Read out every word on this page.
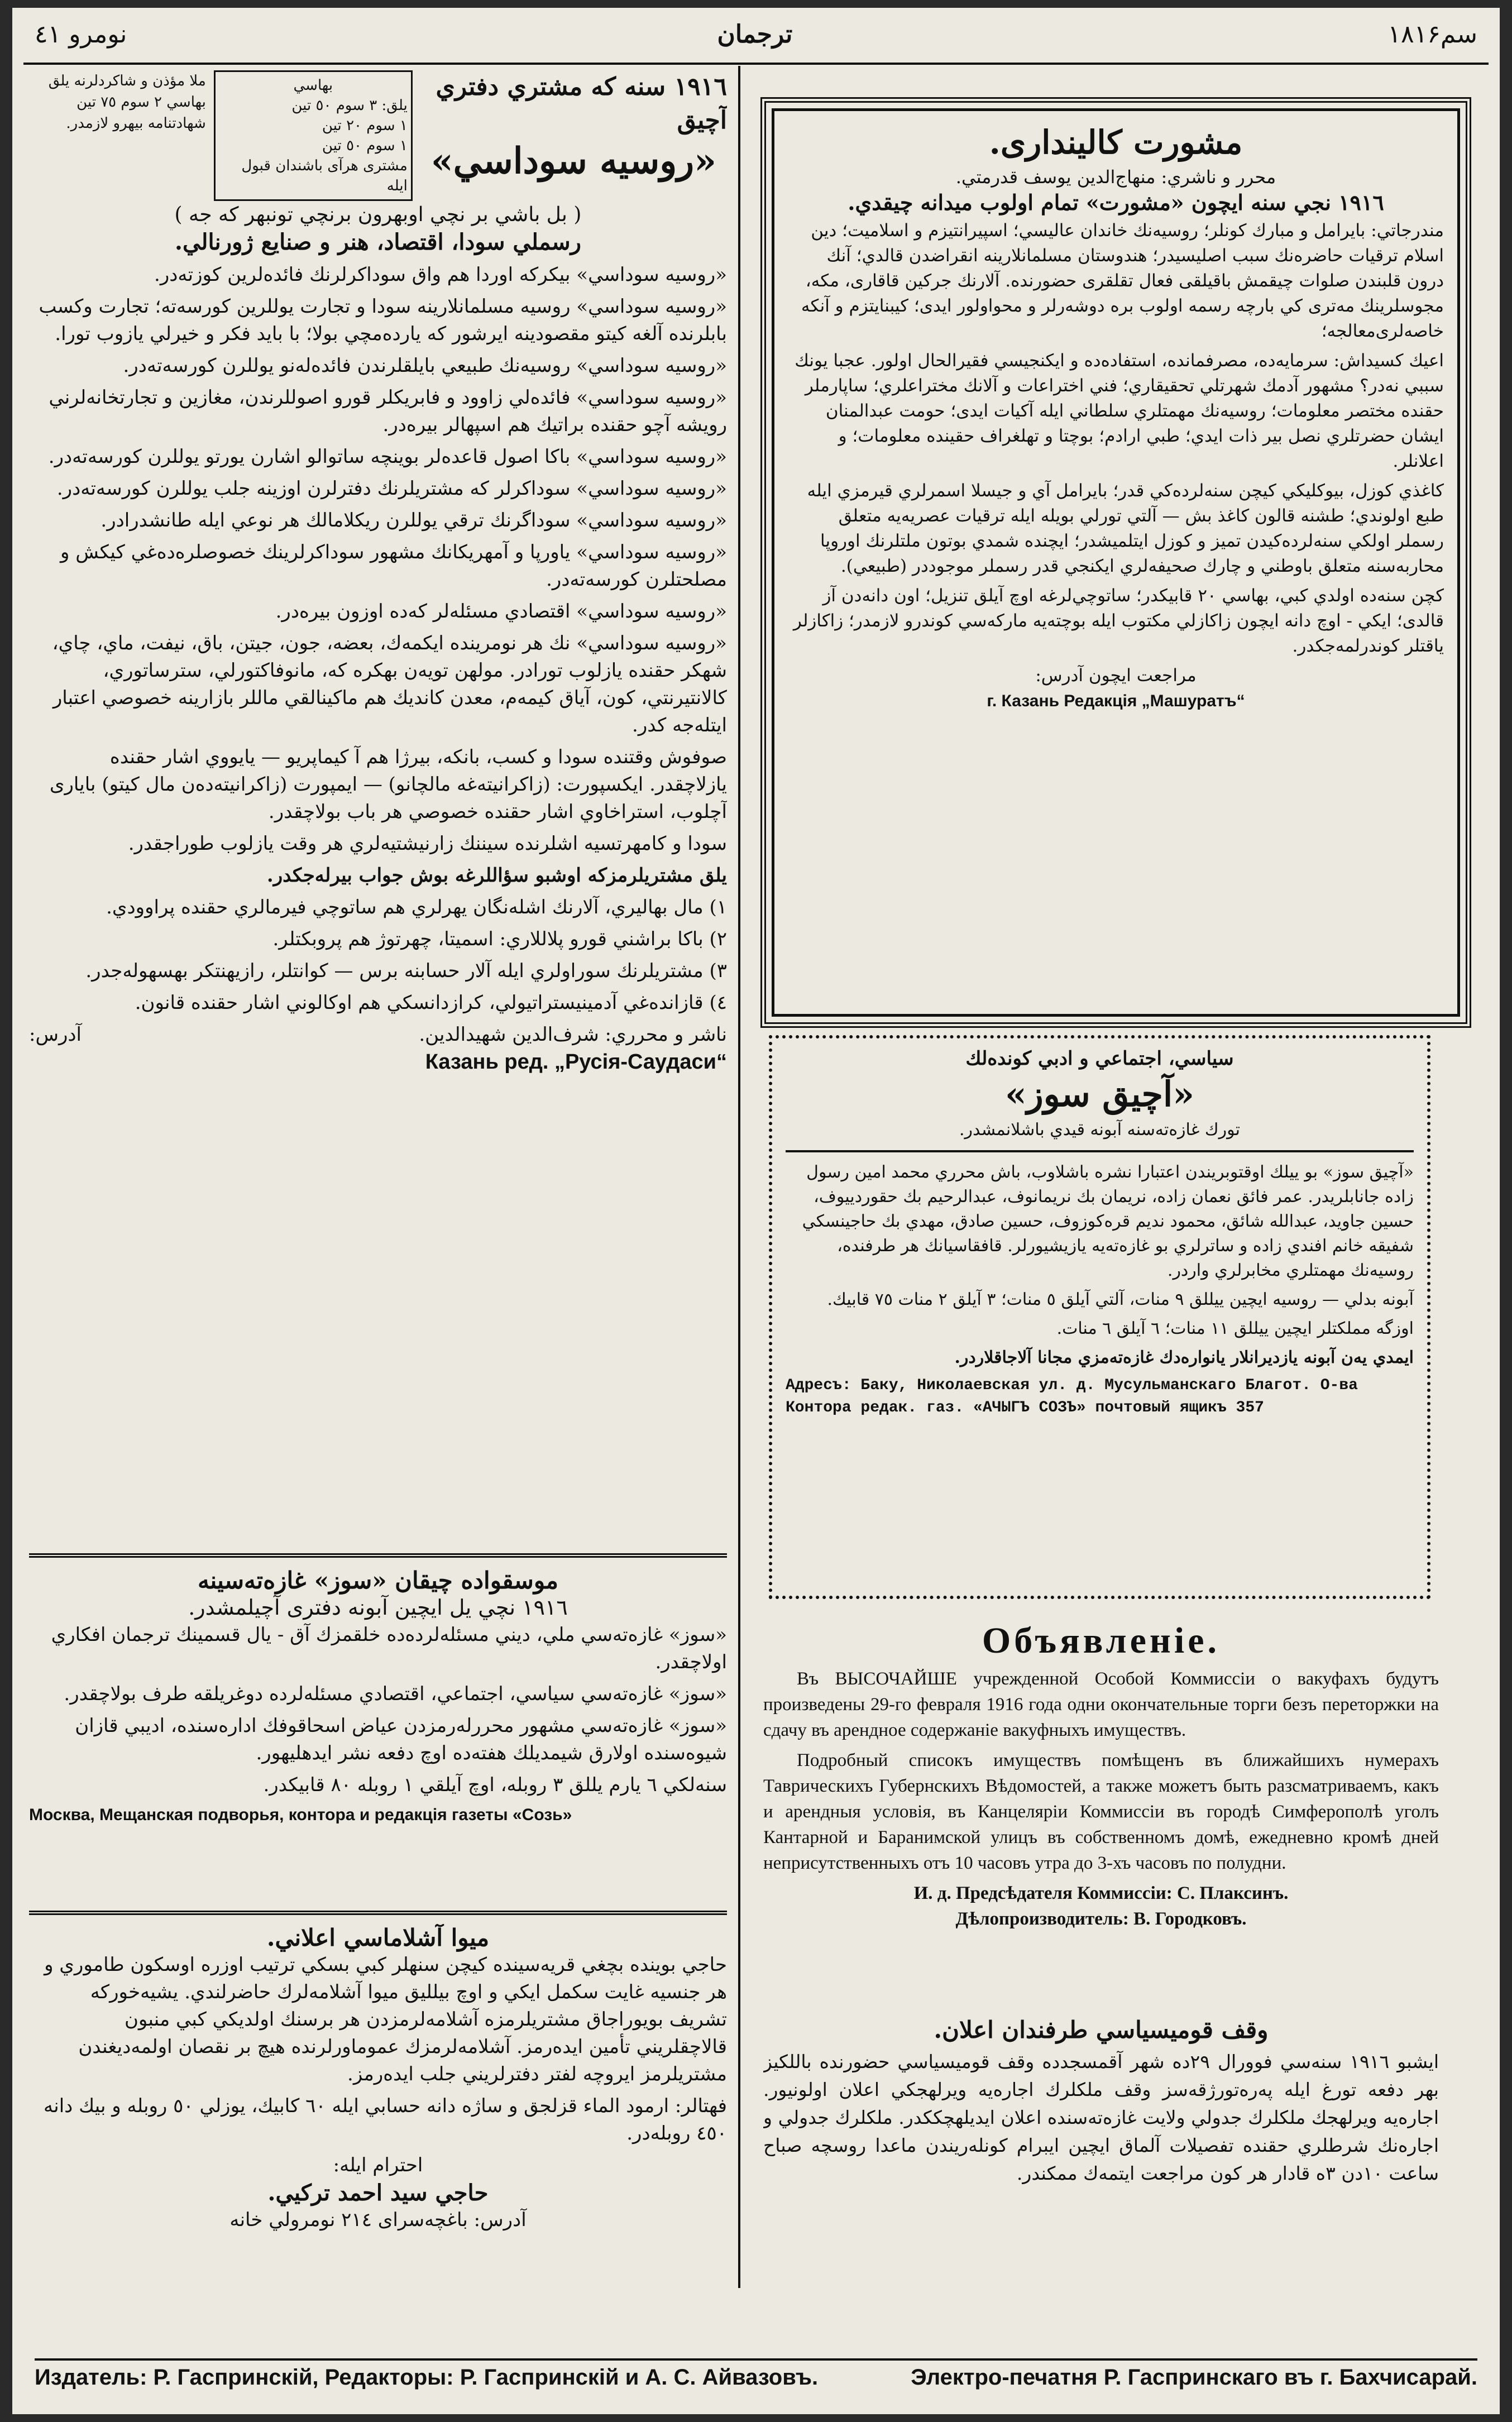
نومرو ٤١	ترجمان	سم۱۸۱۶
١٩١٦ سنه كه مشتري دفتري آچيق
«روسيه سوداسي»
بهاسي
يلق: ٣ سوم ٥٠ تين
١ سوم ٢٠ تين
١ سوم ٥٠ تين
مشتری هرآی باشندان قبول ايله
ملا مؤذن و شاکردلرنه يلق بهاسي ٢ سوم ٧٥ تين شهادتنامه بيهرو لازمدر.
( بل باشي بر نچي اوبهرون برنچي تونبهر كه جه )
رسملي سودا، اقتصاد، هنر و صنايع ژورنالي.

«روسيه سوداسي» بيكركه اوردا هم واق سوداكرلرنك فائدەلرين كوزتەدر.

«روسيه سوداسي» روسيه مسلمانلارينه سودا و تجارت يوللرين كورسەتە؛ تجارت وكسب بابلرنده آلغه كيتو مقصودينه ايرشور كه ياردەمچي بولا؛ با بايد فكر و خيرلي يازوب تورا.

«روسيه سوداسي» روسيه‌نك طبيعي بايلقلرندن فائدەلەنو يوللرن كورسەتەدر.

«روسيه سوداسي» فائدەلي زاوود و فابريكلر قورو اصوللرندن، مغازين و تجارتخانه‌لرني رويشه آچو حقنده براتيك هم اسپهالر بيرەدر.

«روسيه سوداسي» باكا اصول قاعدەلر بوينچه ساتوالو اشارن يورتو يوللرن كورسەتەدر.

«روسيه سوداسي» سوداكرلر كه مشتريلرنك دفترلرن اوزينه جلب يوللرن كورسەتەدر.

«روسيه سوداسي» سوداگرنك ترقي يوللرن ريكلامالك هر نوعي ايله طانشدرادر.

«روسيه سوداسي» ياورپا و آمهريكانك مشهور سوداكرلرينك خصوصلرەدەغي كيكش و مصلحتلرن كورسەتەدر.

«روسيه سوداسي» اقتصادي مسئلەلر كه‌ده اوزون بيرەدر.

«روسيه سوداسي» نك هر نومرينده ايكمەك، بعضه، جون، جيتن، باق، نيفت، ماي، چاي، شهكر حقنده يازلوب تورادر. مولهن تويەن بهكره كه، مانوفاكتورلي، سترساتوري، كالانتيرنتي، كون، آياق كيمەم، معدن كانديك هم ماكينالقي ماللر بازارينه خصوصي اعتبار ايتلەجه كدر.

صوفوش وقتنده سودا و كسب، بانكه، بيرژا هم آ كيماپريو — يايووي اشار حقنده يازلاچقدر. ايكسپورت: (زاكرانيتەغه مالچانو) — ايمپورت (زاكرانيتەدەن مال كيتو) بايارى آچلوب، استراخاوي اشار حقنده خصوصي هر باب بولاچقدر.

سودا و كامهرتسيه اشلرنده سيننك زارنيشتيەلري هر وقت يازلوب طوراجقدر.

يلق مشتريلرمزكه اوشبو سؤاللرغه بوش جواب بيرلەجكدر.

١) مال بهاليري، آلارنك اشلەنگان يهرلري هم ساتوچي فيرمالري حقنده پراوودي.

٢) باكا براشني قورو پلاللاري: اسميتا، چهرتوژ هم پروبكتلر.

٣) مشتريلرنك سوراولري ايله آلار حسابنه برس — كوانتلر، رازيهنتكر بهسهولەجدر.

٤) قازانده‌غي آدمينيستراتيولي، كرازدانسكي هم اوكالوني اشار حقنده قانون.

ناشر و محرري: شرف‌الدين شهيدالدين.
آدرس:
Казань ред. „Русія-Саудаси“
موسقواده چيقان «سوز» غازەتەسينه
١٩١٦ نچي يل ايچين آبونه دفترى آچيلمشدر.

«سوز» غازەتەسي ملي، ديني مسئلەلردەده خلقمزك آق - يال قسمينك ترجمان افكاري اولاچقدر.

«سوز» غازەتەسي سياسي، اجتماعي، اقتصادي مسئلەلردە دوغريلقه طرف بولاچقدر.

«سوز» غازەتەسي مشهور محررلەرمزدن عياض اسحاقوفك ادارەسنده، اديبي قازان شيوەسنده اولارق شيمديلك هفتەده اوچ دفعه نشر ايدهليهور.

سنەلكي ٦ يارم يللق ٣ روبله، اوچ آيلقي ١ روبله ٨٠ قابيكدر.

Москва, Мещанская подворья, контора и редакція газеты «Созь»
ميوا آشلاماسي اعلاني.

حاجي بوينده بچغي قريەسينده كيچن سنهلر كبي بسكي ترتيب اوزره اوسكون طاموري و هر جنسيه غايت سكمل ايكي و اوچ بيلليق ميوا آشلامەلرك حاضرلندي. يشيەخوركه تشريف بويوراجاق مشتريلرمزه آشلامەلرمزدن هر برسنك اولديكي كبي منبون قالاچقلريني تأمين ايدەرمز. آشلامەلرمزك عموماورلرنده هيچ بر نقصان اولمەديغندن مشتريلرمز ايروچه لفتر دفترلريني جلب ايدەرمز.

فهتالر: ارمود الماء قزلجق و ساژه دانه حسابي ايله ٦٠ كابيك، يوزلي ٥٠ روبله و بيك دانه ٤٥٠ روبلەدر.

احترام ايله:
حاجي سيد احمد تركيي.
آدرس: باغچەسرای ٢١٤ نومرولي خانه
مشورت كاليندارى.
محرر و ناشري: منهاج‌الدين يوسف قدرمتي.
١٩١٦ نجي سنه ايچون «مشورت» تمام اولوب ميدانه چيقدي.

مندرجاتي: بايرامل و مبارك كونلر؛ روسيەنك خاندان عاليسي؛ اسپيرانتيزم و اسلاميت؛ دين اسلام ترقيات حاضرەنك سبب اصليسيدر؛ هندوستان مسلمانلارينه انقراضدن قالدي؛ آنك درون قلبندن صلوات چيقمش باقيلقى فعال تقلقرى حضورنده. آلارنك جركين قاقارى، مكه، مجوسلرينك مەترى كي بارچه رسمه اولوب بره دوشەرلر و محواولور ايدى؛ كيبنايتزم و آنكه خاصەلرى‌معالجه؛

اعيك كسيداش: سرمايەدە، مصرفمانده، استفادەده و ايكنجيسي فقيرالحال اولور. عجبا يونك سببي نەدر؟ مشهور آدمك شهرتلي تحقيقاري؛ فني اختراعات و آلانك مختراعلري؛ ساپارملر حقنده مختصر معلومات؛ روسيەنك مهمتلري سلطاني ايله آكيات ايدى؛ حومت عبدالمنان ايشان حضرتلري نصل بير ذات ايدي؛ طبي ارادم؛ بوچتا و تهلغراف حقيندە معلومات؛ و اعلانلر.

كاغذي كوزل، بيوكلیكي كيچن سنەلردەكي قدر؛ بايرامل آي و جيسلا اسمرلري قيرمزي ايله طبع اولوندي؛ طشنه قالون كاغذ بش — آلتي تورلي بويله ايله ترقيات عصريەيه متعلق رسملر اولكي سنەلردەكيدن تميز و كوزل ايتلميشدر؛ ايچنده شمدي بوتون ملتلرنك اوروپا محاربەسنه متعلق باوطني و چارك صحيفەلري ايكنجي قدر رسملر موجوددر (طبيعي).

كچن سنەده اولدي كبي، بهاسي ٢٠ قابيكدر؛ ساتوچي‌لرغه اوچ آيلق تنزيل؛ اون دانەدن آز قالدى؛ ايكي - اوچ دانه ايچون زاكازلي مكتوب ايله بوچتەيه ماركەسي كوندرو لازمدر؛ زاكازلر ياقتلر كوندرلمەجكدر.

مراجعت ايچون آدرس:
г. Казань Редакція „Машуратъ“
سياسي، اجتماعي و ادبي كونده‌لك
«آچيق سوز»
تورك غازەتەسنه آبونه قيدي باشلانمشدر.

«آچيق سوز» بو ييلك اوقتوبريندن اعتبارا نشره باشلاوب، باش محرري محمد امين رسول زاده جانابلريدر. عمر فائق نعمان زاده، نريمان بك نريمانوف، عبدالرحيم بك حقوردييوف، حسين جاويد، عبدالله شائق، محمود نديم قره‌كوزوف، حسين صادق، مهدي بك حاجينسكي شفيقه خانم افندي زاده و ساترلري بو غازەتەيه يازيشيورلر. قافقاسيانك هر طرفنده، روسيەنك مهمتلري مخابرلري واردر.

آبونه بدلي — روسيه ايچين ييللق ٩ منات، آلتي آيلق ٥ منات؛ ٣ آيلق ٢ منات ٧٥ قابيك.

اوزگه مملكتلر ايچين ييللق ١١ منات؛ ٦ آيلق ٦ منات.

ايمدي يەن آبونه يازديرانلار يانوارەدك غازەتەمزي مجانا آلاجاقلاردر.

Адресъ: Баку, Николаевская ул. д. Мусульманскаго Благот. О-ва
Контора редак. газ. «АЧЫГЪ СОЗЪ» почтовый ящикъ 357
Объявленіе.

Въ ВЫСОЧАЙШЕ учрежденной Особой Коммиссіи о вакуфахъ будутъ произведены 29-го февраля 1916 года одни окончательные торги безъ переторжки на сдачу въ арендное содержаніе вакуфныхъ имуществъ.

Подробный списокъ имуществъ помѣщенъ въ ближайшихъ нумерахъ Таврическихъ Губернскихъ Вѣдомостей, а также можетъ быть разсматриваемъ, какъ и арендныя условія, въ Канцеляріи Коммиссіи въ городѣ Симферополѣ уголъ Кантарной и Баранимской улицъ въ собственномъ домѣ, ежедневно кромѣ дней неприсутственныхъ отъ 10 часовъ утра до 3-хъ часовъ по полудни.

И. д. Предсѣдателя Коммиссіи: С. Плаксинъ.
Дѣлопроизводитель: В. Городковъ.
وقف قوميسياسي طرفندان اعلان.

ايشبو ١٩١٦ سنەسي فوورال ٢٩ده شهر آقمسجدده وقف قوميسياسي حضورنده باللكيز بهر دفعه تورغ ايله پەرەتورژقەسز وقف ملكلرك اجارەيه ويرلهجكي اعلان اولونيور. اجارەيه ويرلهجك ملكلرك جدولي ولايت غازەتەسنده اعلان ايديلهچككدر. ملكلرك جدولي و اجارەنك شرطلري حقنده تفصيلات آلماق ايچين ايبرام كونلەريندن ماعدا روسچه صباح ساعت ١٠دن ٣ە قادار هر كون مراجعت ايتمەك ممكندر.

Издатель: Р. Гаспринскій, Редакторы: Р. Гаспринскій и А. С. Айвазовъ.	Электро-печатня Р. Гаспринскаго въ г. Бахчисарай.
